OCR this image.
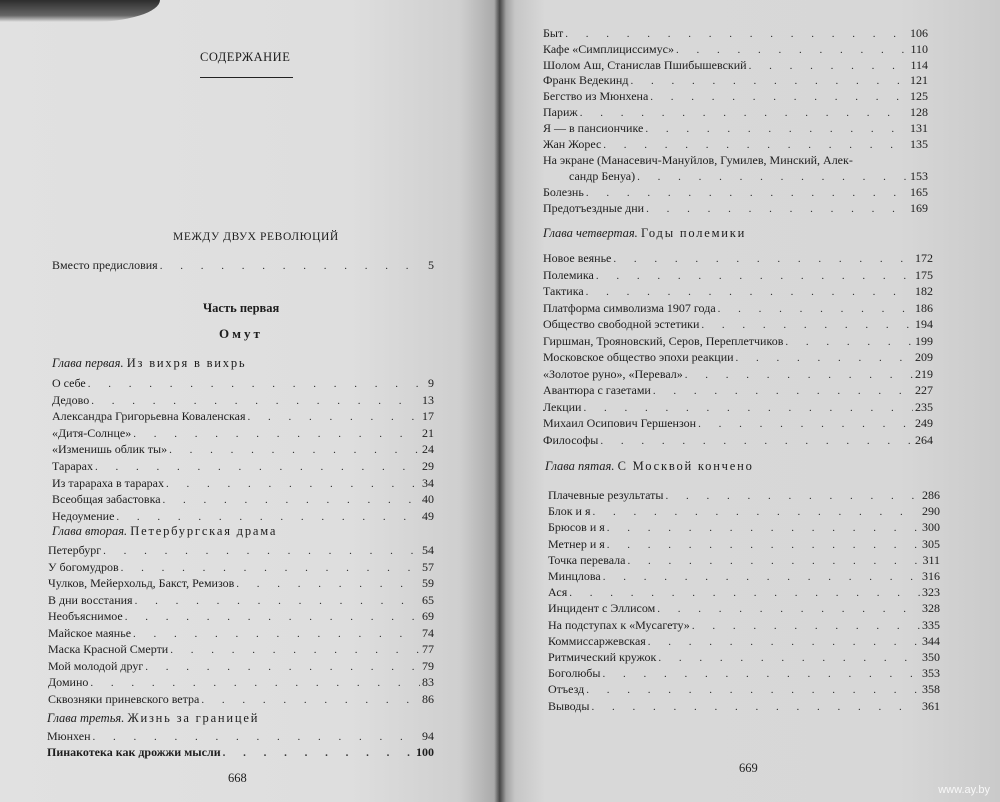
СОДЕРЖАНИЕ
МЕЖДУ ДВУХ РЕВОЛЮЦИЙ
Вместо предисловия . . .	5
Часть первая
Омут
Глава первая. Из вихря в вихрь
О себе . . .	9
Дедово . . .	13
Александра Григорьевна Коваленская . . .	17
«Дитя-Солнце» . . .	21
«Изменишь облик ты» . . .	24
Тарарах . . .	29
Из тарараха в тарарах . . .	34
Всеобщая забастовка . . .	40
Недоумение . . .	49
Глава вторая. Петербургская драма
Петербург . . .	54
У богомудров . . .	57
Чулков, Мейерхольд, Бакст, Ремизов . . .	59
В дни восстания . . .	65
Необъяснимое . . .	69
Майское маянье . . .	74
Маска Красной Смерти . . .	77
Мой молодой друг . . .	79
Домино . . .	83
Сквозняки приневского ветра . . .	86
Глава третья. Жизнь за границей
Мюнхен . . .	94
Пинакотека как дрожжи мысли . . .	100
668
Быт . . .	106
Кафе «Симплициссимус» . . .	110
Шолом Аш, Станислав Пшибышевский . . .	114
Франк Ведекинд . . .	121
Бегство из Мюнхена . . .	125
Париж . . .	128
Я — в пансиончике . . .	131
Жан Жорес . . .	135
На экране (Манасевич-Мануйлов, Гумилев, Минский, Алек-
сандр Бенуа) . . .	153
Болезнь . . .	165
Предотъездные дни . . .	169
Глава четвертая. Годы полемики
Новое веянье . . .	172
Полемика . . .	175
Тактика . . .	182
Платформа символизма 1907 года . . .	186
Общество свободной эстетики . . .	194
Гиршман, Трояновский, Серов, Переплетчиков . . .	199
Московское общество эпохи реакции . . .	209
«Золотое руно», «Перевал» . . .	219
Авантюра с газетами . . .	227
Лекции . . .	235
Михаил Осипович Гершензон . . .	249
Философы . . .	264
Глава пятая. С Москвой кончено
Плачевные результаты . . .	286
Блок и я . . .	290
Брюсов и я . . .	300
Метнер и я . . .	305
Точка перевала . . .	311
Минцлова . . .	316
Ася . . .	323
Инцидент с Эллисом . . .	328
На подступах к «Мусагету» . . .	335
Коммиссаржевская . . .	344
Ритмический кружок . . .	350
Боголюбы . . .	353
Отъезд . . .	358
Выводы . . .	361
669
www.ay.by
